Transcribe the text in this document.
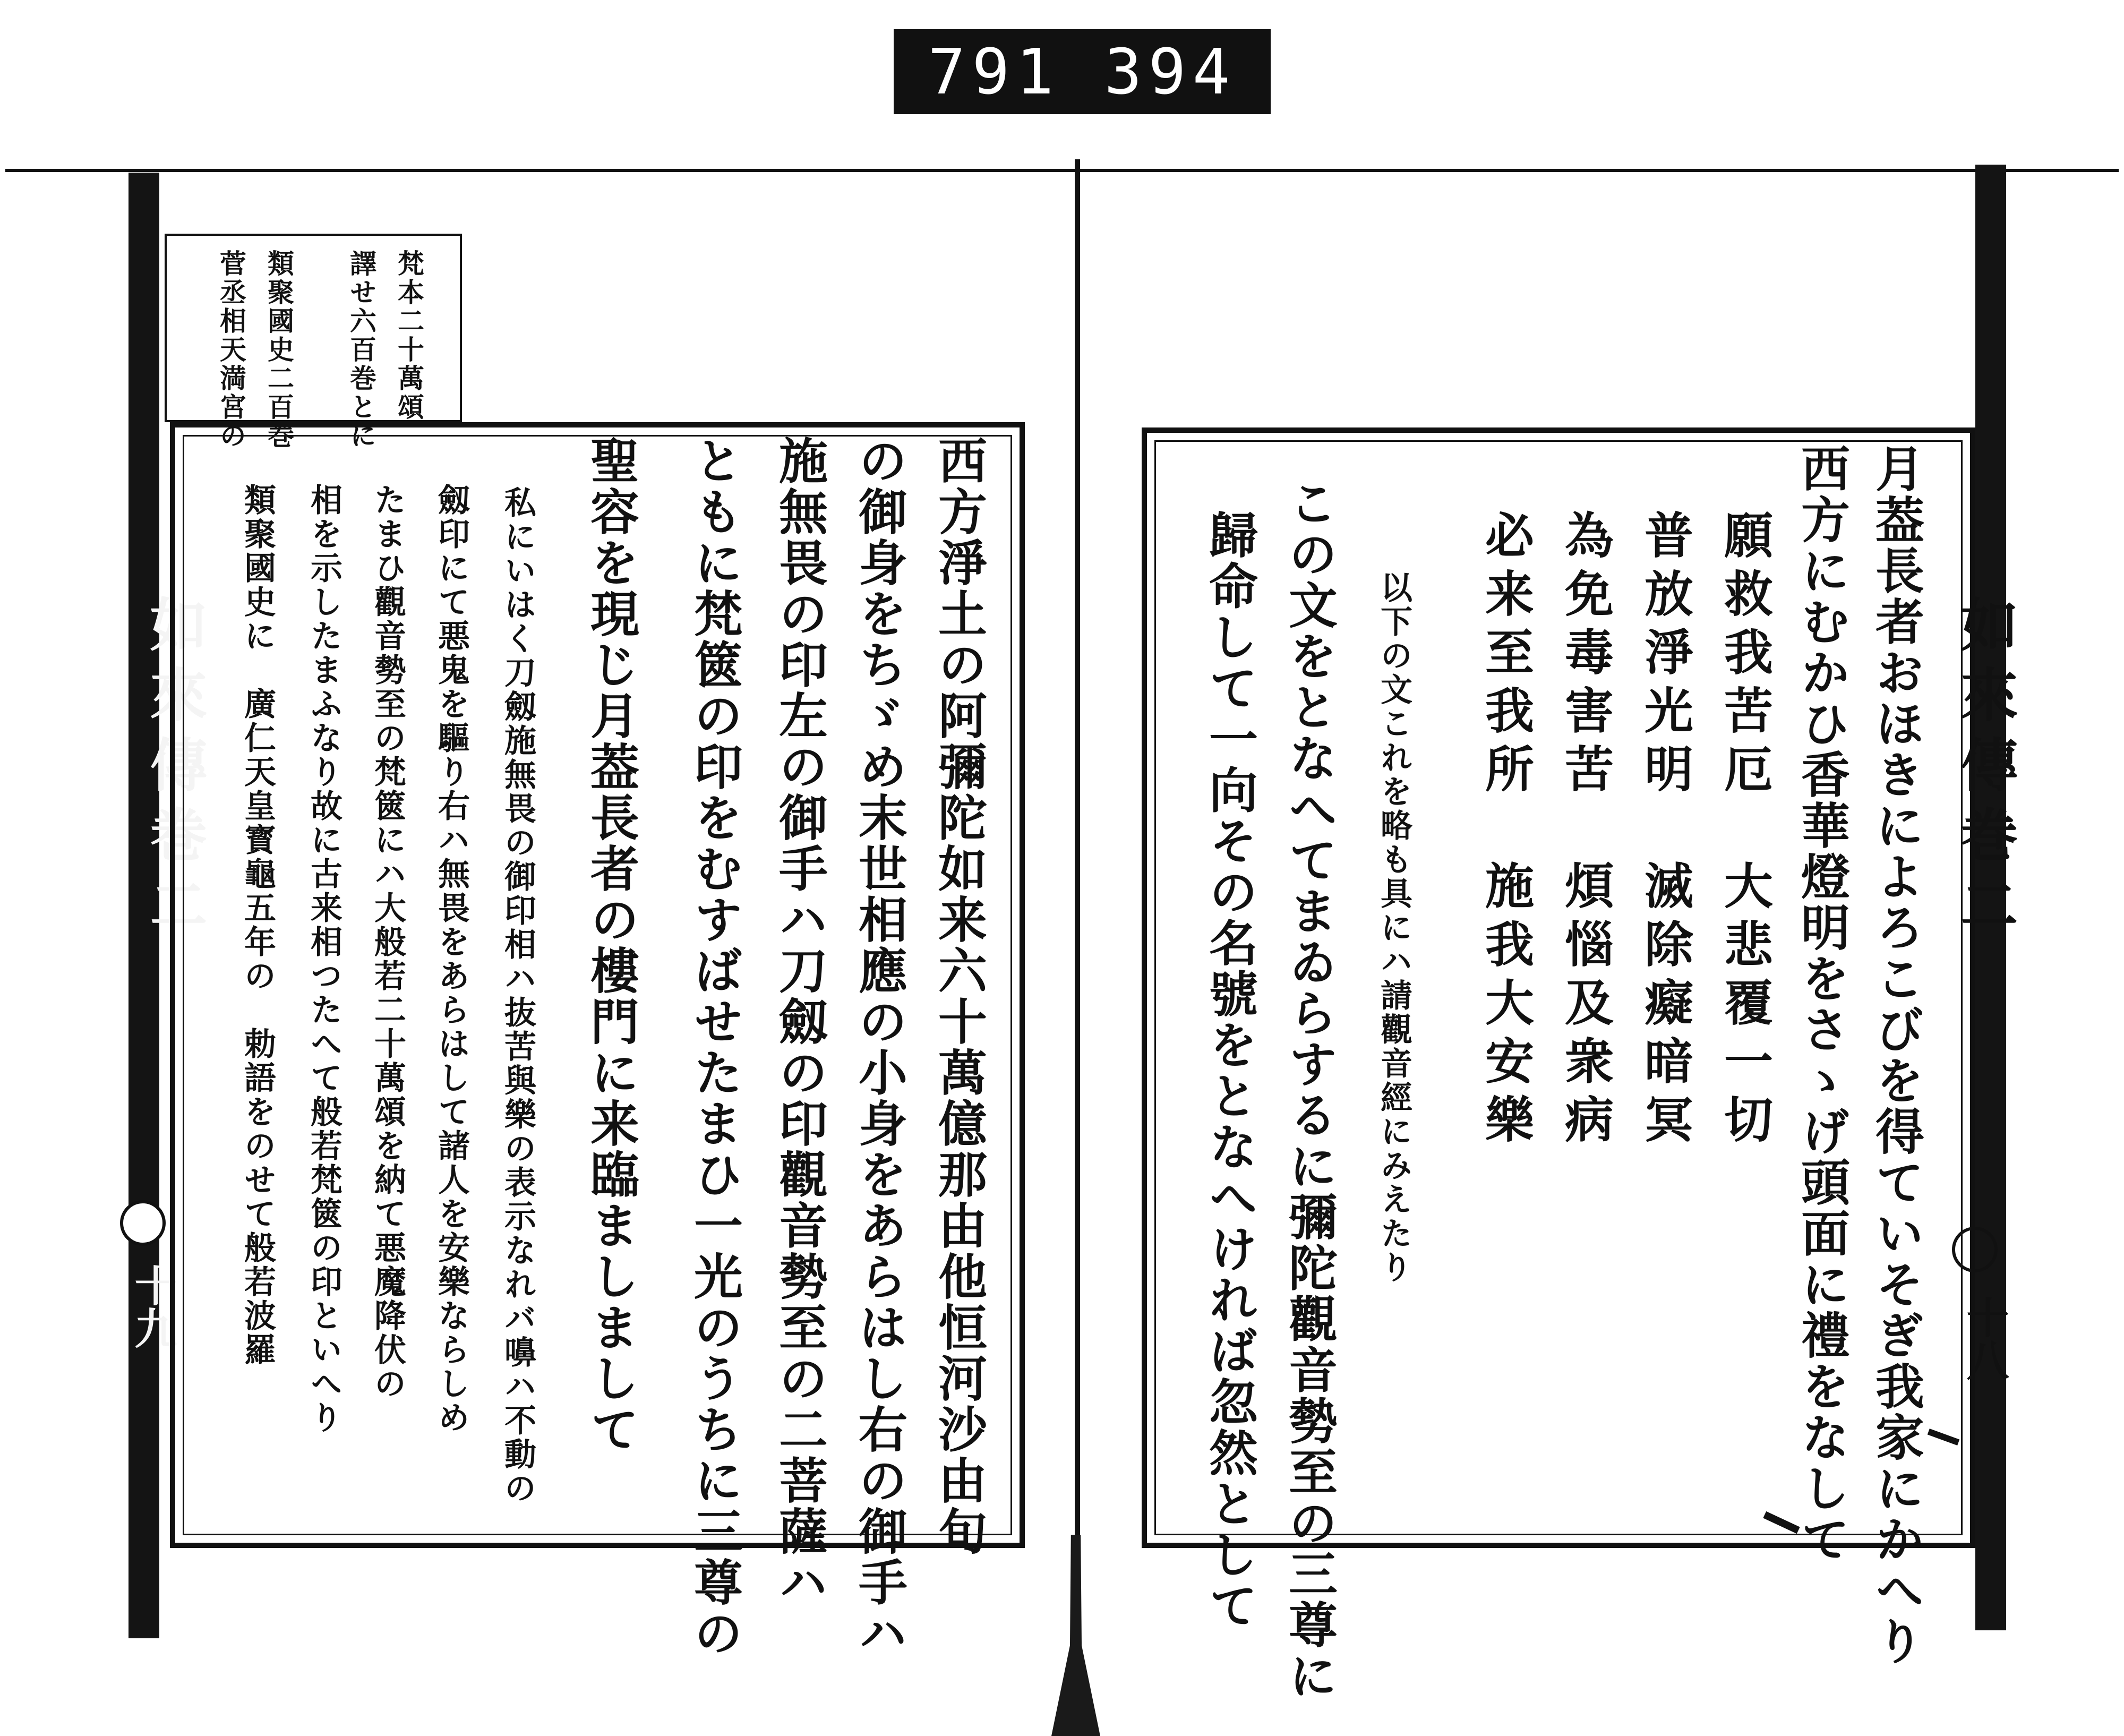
791 394
如來傳巻二
十八
月葢長者おほきによろこびを得ていそぎ我家にかへり
西方にむかひ香華燈明をさゝげ頭面に禮をなして
願救我苦厄　大悲覆一切
普放淨光明　滅除癡暗冥
為免毒害苦　煩惱及衆病
必来至我所　施我大安樂
以下の文これを略も具にハ請觀音經にみえたり
この文をとなへてまゐらするに彌陀觀音勢至の三尊に
歸命して一向その名號をとなへければ忽然として
如來傳巻二
十九
梵本二十萬頌
譯せ六百巻とに
類聚國史二百巻
菅丞相天満宮の
西方淨土の阿彌陀如来六十萬億那由他恒河沙由旬
の御身をちゞめ末世相應の小身をあらはし右の御手ハ
施無畏の印左の御手ハ刀劔の印觀音勢至の二菩薩ハ
ともに梵篋の印をむすばせたまひ一光のうちに三尊の
聖容を現じ月葢長者の樓門に来臨ましまして
私にいはく刀劔施無畏の御印相ハ抜苦與樂の表示なれバ嚊ハ不動の
劔印にて悪鬼を驅り右ハ無畏をあらはして諸人を安樂ならしめ
たまひ觀音勢至の梵篋にハ大般若二十萬頌を納て悪魔降伏の
相を示したまふなり故に古来相つたへて般若梵篋の印といへり
類聚國史に　廣仁天皇寳龜五年の　勅語をのせて般若波羅
